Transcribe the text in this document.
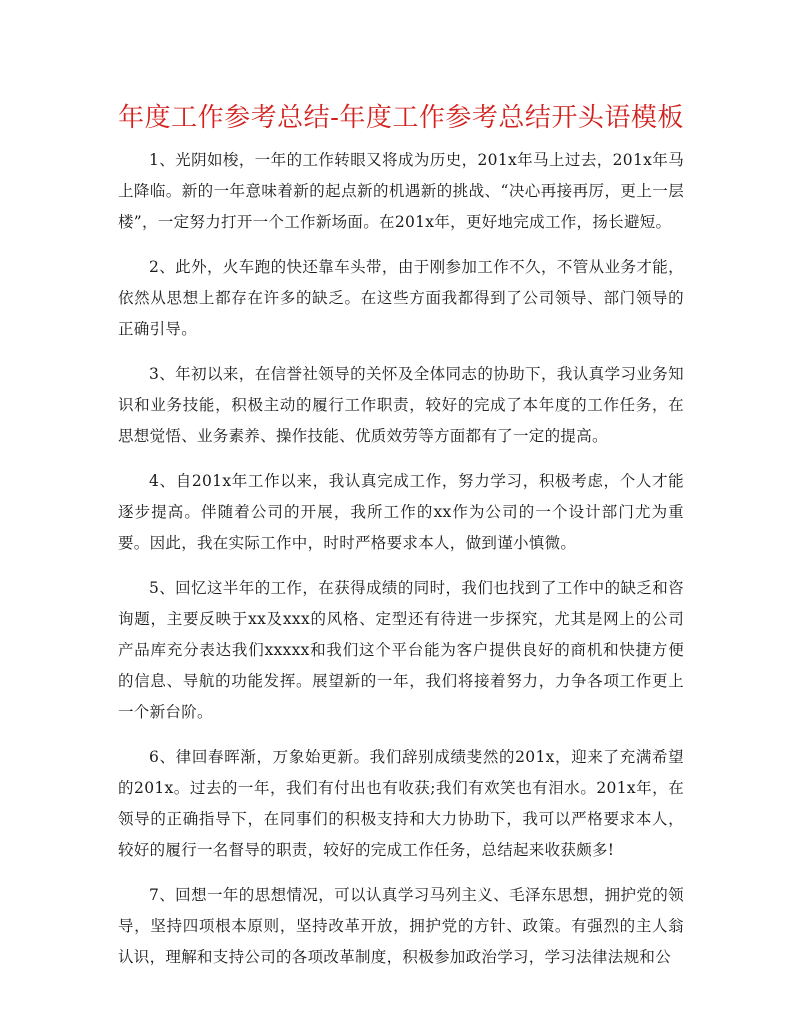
年度工作参考总结-年度工作参考总结开头语模板

1、光阴如梭，一年的工作转眼又将成为历史，201x年马上过去，201x年马上降临。新的一年意味着新的起点新的机遇新的挑战、“决心再接再厉，更上一层楼”，一定努力打开一个工作新场面。在201x年，更好地完成工作，扬长避短。

2、此外，火车跑的快还靠车头带，由于刚参加工作不久，不管从业务才能，依然从思想上都存在许多的缺乏。在这些方面我都得到了公司领导、部门领导的正确引导。

3、年初以来，在信誉社领导的关怀及全体同志的协助下，我认真学习业务知识和业务技能，积极主动的履行工作职责，较好的完成了本年度的工作任务，在思想觉悟、业务素养、操作技能、优质效劳等方面都有了一定的提高。

4、自201x年工作以来，我认真完成工作，努力学习，积极考虑，个人才能逐步提高。伴随着公司的开展，我所工作的xx作为公司的一个设计部门尤为重要。因此，我在实际工作中，时时严格要求本人，做到谨小慎微。

5、回忆这半年的工作，在获得成绩的同时，我们也找到了工作中的缺乏和咨询题，主要反映于xx及xxx的风格、定型还有待进一步探究，尤其是网上的公司产品库充分表达我们xxxxx和我们这个平台能为客户提供良好的商机和快捷方便的信息、导航的功能发挥。展望新的一年，我们将接着努力，力争各项工作更上一个新台阶。

6、律回春晖渐，万象始更新。我们辞别成绩斐然的201x，迎来了充满希望的201x。过去的一年，我们有付出也有收获;我们有欢笑也有泪水。201x年，在领导的正确指导下，在同事们的积极支持和大力协助下，我可以严格要求本人，较好的履行一名督导的职责，较好的完成工作任务，总结起来收获颇多!

7、回想一年的思想情况，可以认真学习马列主义、毛泽东思想，拥护党的领导，坚持四项根本原则，坚持改革开放，拥护党的方针、政策。有强烈的主人翁认识，理解和支持公司的各项改革制度，积极参加政治学习，学习法律法规和公
